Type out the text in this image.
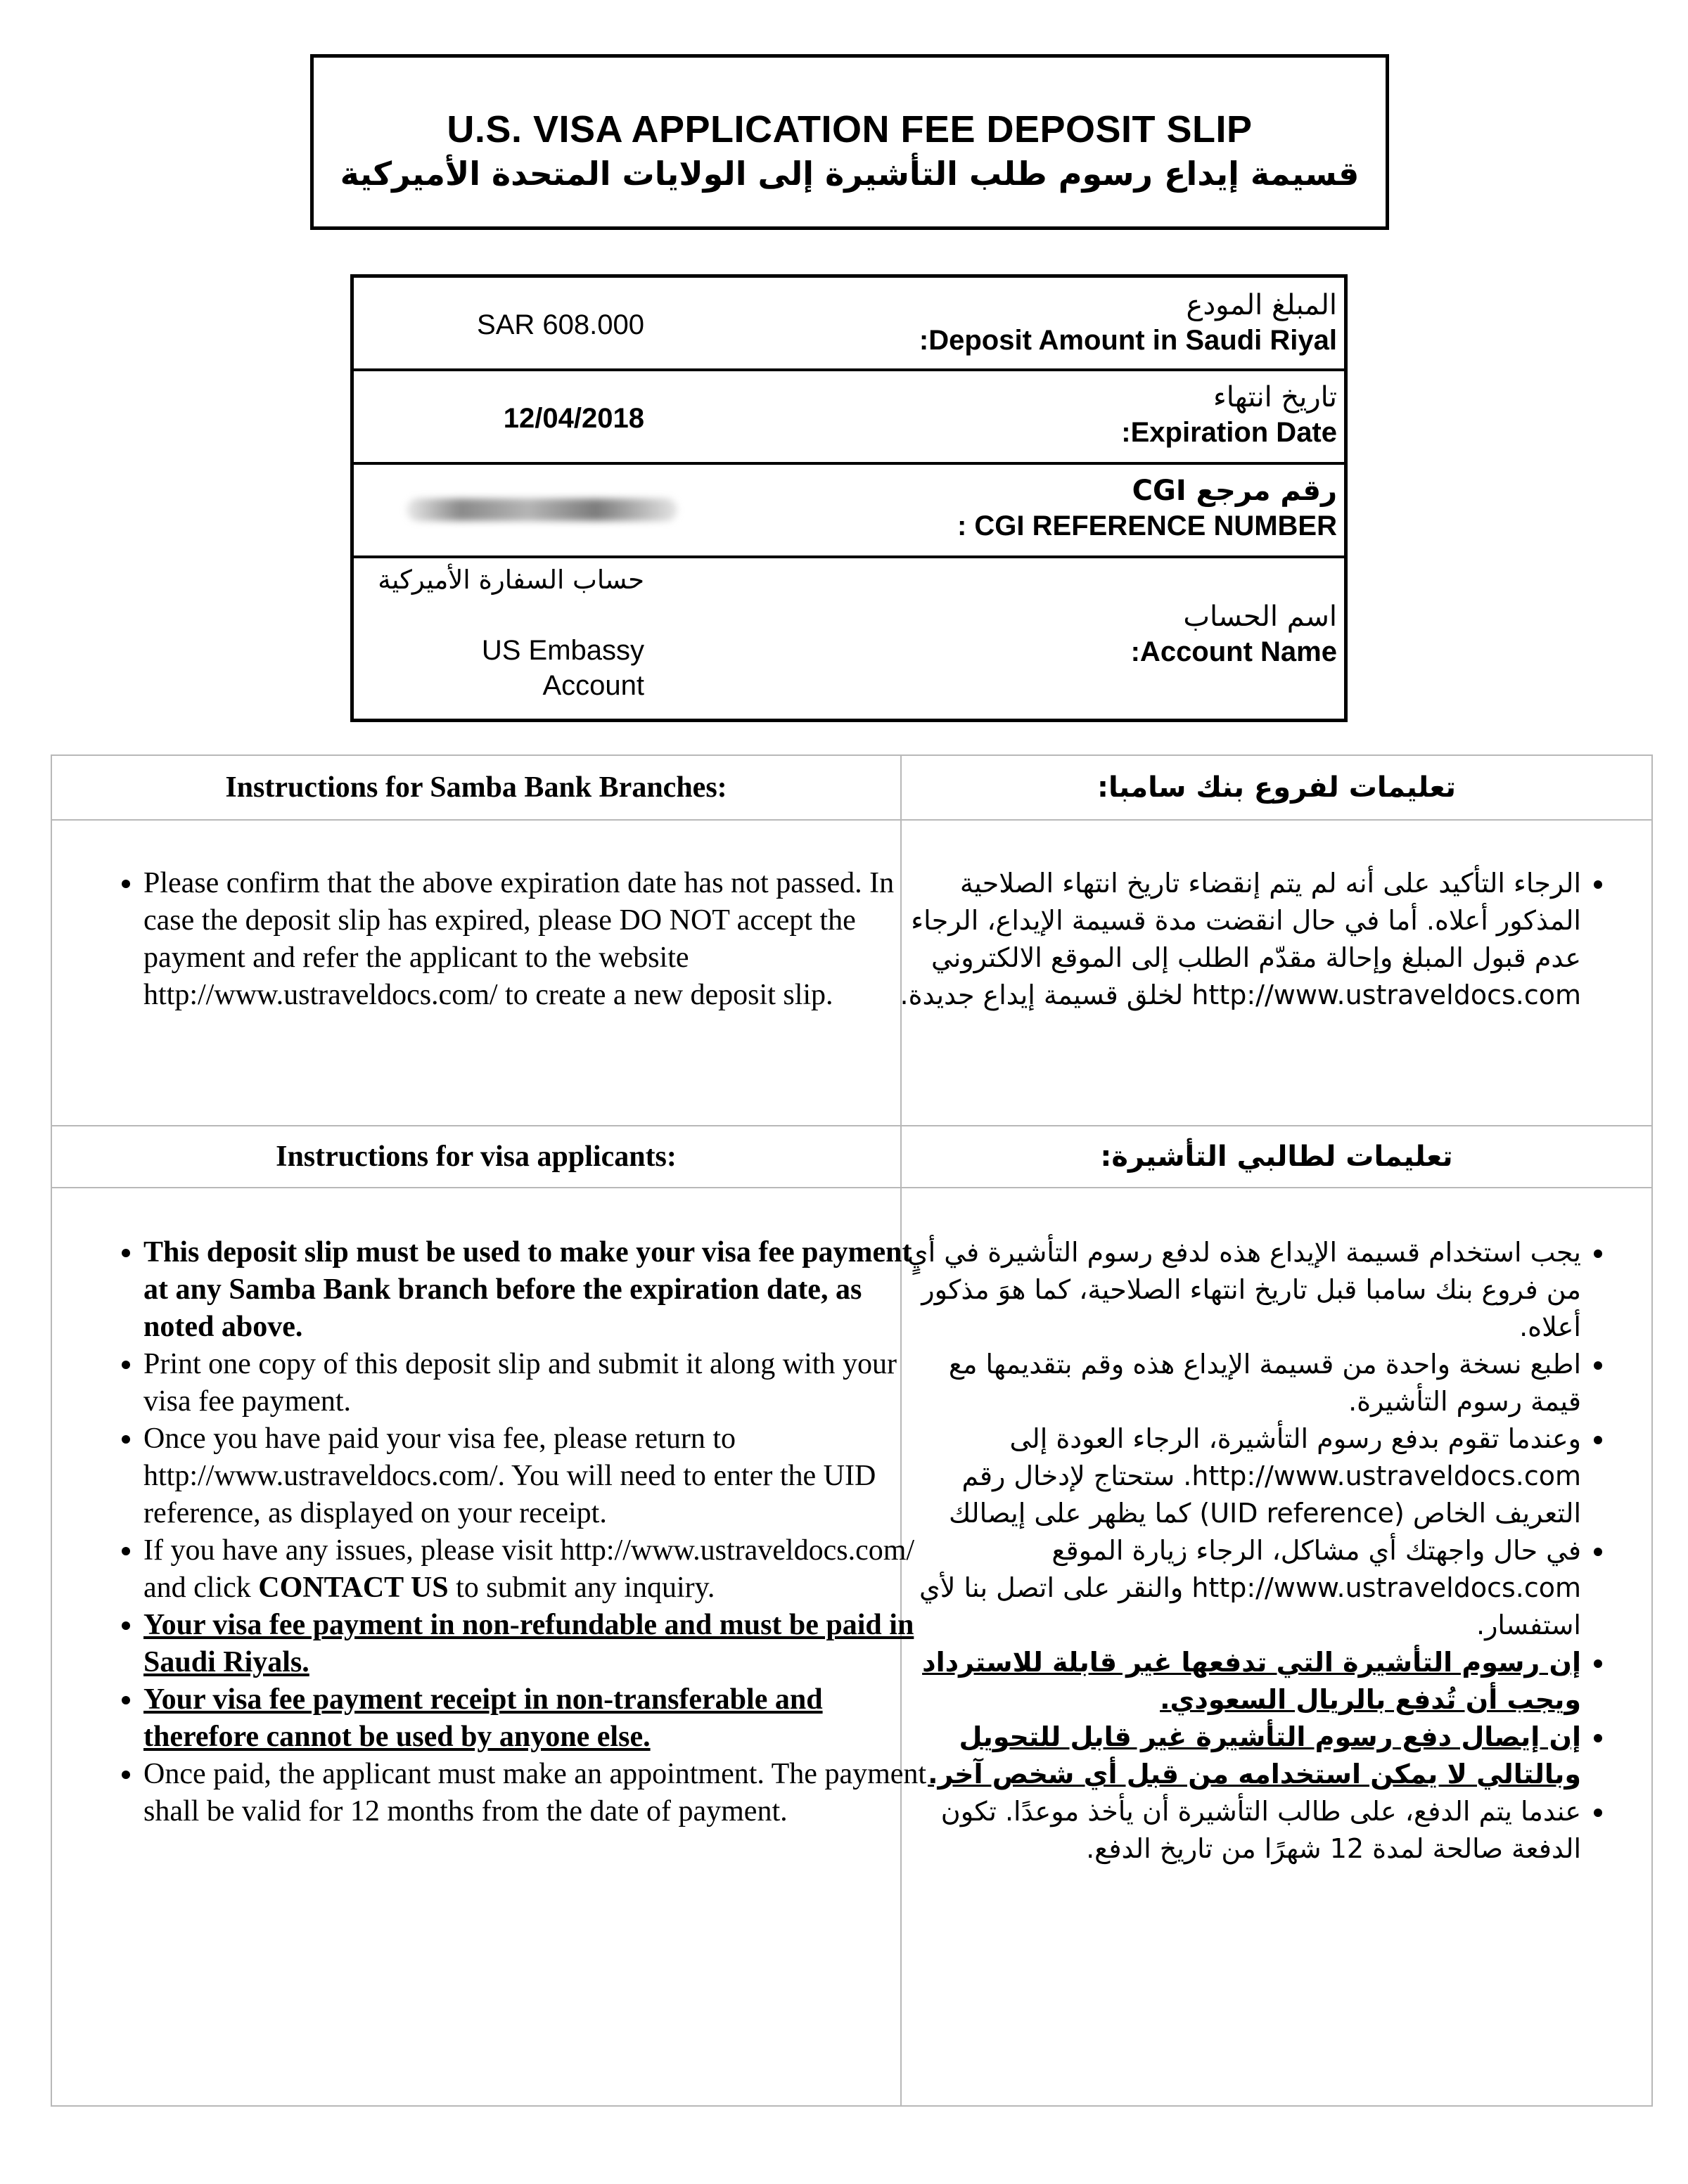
U.S. VISA APPLICATION FEE DEPOSIT SLIP
قسيمة إيداع رسوم طلب التأشيرة إلى الولايات المتحدة الأميركية
SAR 608.000
المبلغ المودع
:Deposit Amount in Saudi Riyal
12/04/2018
تاريخ انتهاء
:Expiration Date
رقم مرجع CGI
: CGI REFERENCE NUMBER
حساب السفارة الأميركية
US Embassy
Account
اسم الحساب
:Account Name
Instructions for Samba Bank Branches:	تعليمات لفروع بنك سامبا:
• Please confirm that the above expiration date has not passed. In case the deposit slip has expired, please DO NOT accept the payment and refer the applicant to the website http://www.ustraveldocs.com/ to create a new deposit slip.
• الرجاء التأكيد على أنه لم يتم إنقضاء تاريخ انتهاء الصلاحية المذكور أعلاه. أما في حال انقضت مدة قسيمة الإيداع، الرجاء عدم قبول المبلغ وإحالة مقدّم الطلب إلى الموقع الالكتروني http://www.ustraveldocs.com لخلق قسيمة إيداع جديدة.
Instructions for visa applicants:	تعليمات لطالبي التأشيرة:
• This deposit slip must be used to make your visa fee payment at any Samba Bank branch before the expiration date, as noted above.
• Print one copy of this deposit slip and submit it along with your visa fee payment.
• Once you have paid your visa fee, please return to http://www.ustraveldocs.com/. You will need to enter the UID reference, as displayed on your receipt.
• If you have any issues, please visit http://www.ustraveldocs.com/ and click CONTACT US to submit any inquiry.
• Your visa fee payment in non-refundable and must be paid in Saudi Riyals.
• Your visa fee payment receipt in non-transferable and therefore cannot be used by anyone else.
• Once paid, the applicant must make an appointment. The payment shall be valid for 12 months from the date of payment.
• يجب استخدام قسيمة الإيداع هذه لدفع رسوم التأشيرة في أيٍ من فروع بنك سامبا قبل تاريخ انتهاء الصلاحية، كما هوَ مذكور أعلاه.
• اطبع نسخة واحدة من قسيمة الإيداع هذه وقم بتقديمها مع قيمة رسوم التأشيرة.
• وعندما تقوم بدفع رسوم التأشيرة، الرجاء العودة إلى http://www.ustraveldocs.com. ستحتاج لإدخال رقم التعريف الخاص (UID reference) كما يظهر على إيصالك
• في حال واجهتك أي مشاكل، الرجاء زيارة الموقع http://www.ustraveldocs.com والنقر على اتصل بنا لأي استفسار.
• إن رسوم التأشيرة التي تدفعها غير قابلة للاسترداد ويجب أن تُدفع بالريال السعودي.
• إن إيصال دفع رسوم التأشيرة غير قابل للتحويل وبالتالي لا يمكن استخدامه من قبل أي شخص آخر.
• عندما يتم الدفع، على طالب التأشيرة أن يأخذ موعدًا. تكون الدفعة صالحة لمدة 12 شهرًا من تاريخ الدفع.
